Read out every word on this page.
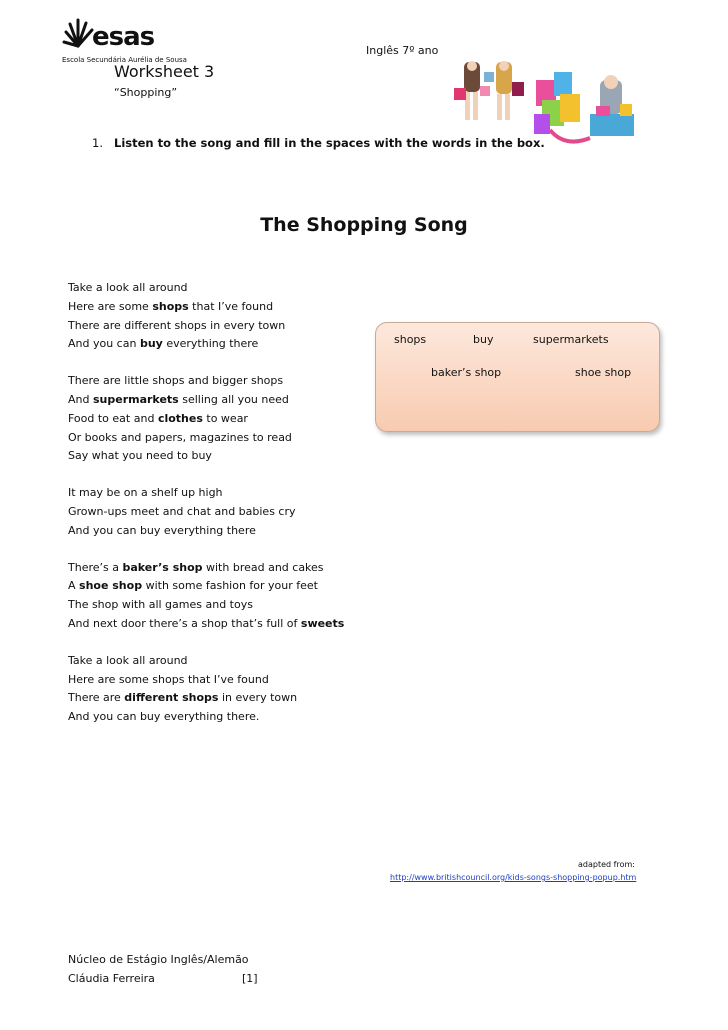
esas
Escola Secundária Aurélia de Sousa
Inglês 7º ano
Worksheet 3
“Shopping”
1. Listen to the song and fill in the spaces with the words in the box.
The Shopping Song
Take a look all around
Here are some shops that I’ve found
There are different shops in every town
And you can buy everything there
There are little shops and bigger shops
And supermarkets selling all you need
Food to eat and clothes to wear
Or books and papers, magazines to read
Say what you need to buy
It may be on a shelf up high
Grown-ups meet and chat and babies cry
And you can buy everything there
There’s a baker’s shop with bread and cakes
A shoe shop with some fashion for your feet
The shop with all games and toys
And next door there’s a shop that’s full of sweets
Take a look all around
Here are some shops that I’ve found
There are different shops in every town
And you can buy everything there.
shops	buy	supermarkets
baker’s shop	shoe shop
adapted from:
http://www.britishcouncil.org/kids-songs-shopping-popup.htm
Núcleo de Estágio Inglês/Alemão
Cláudia Ferreira	[1]
